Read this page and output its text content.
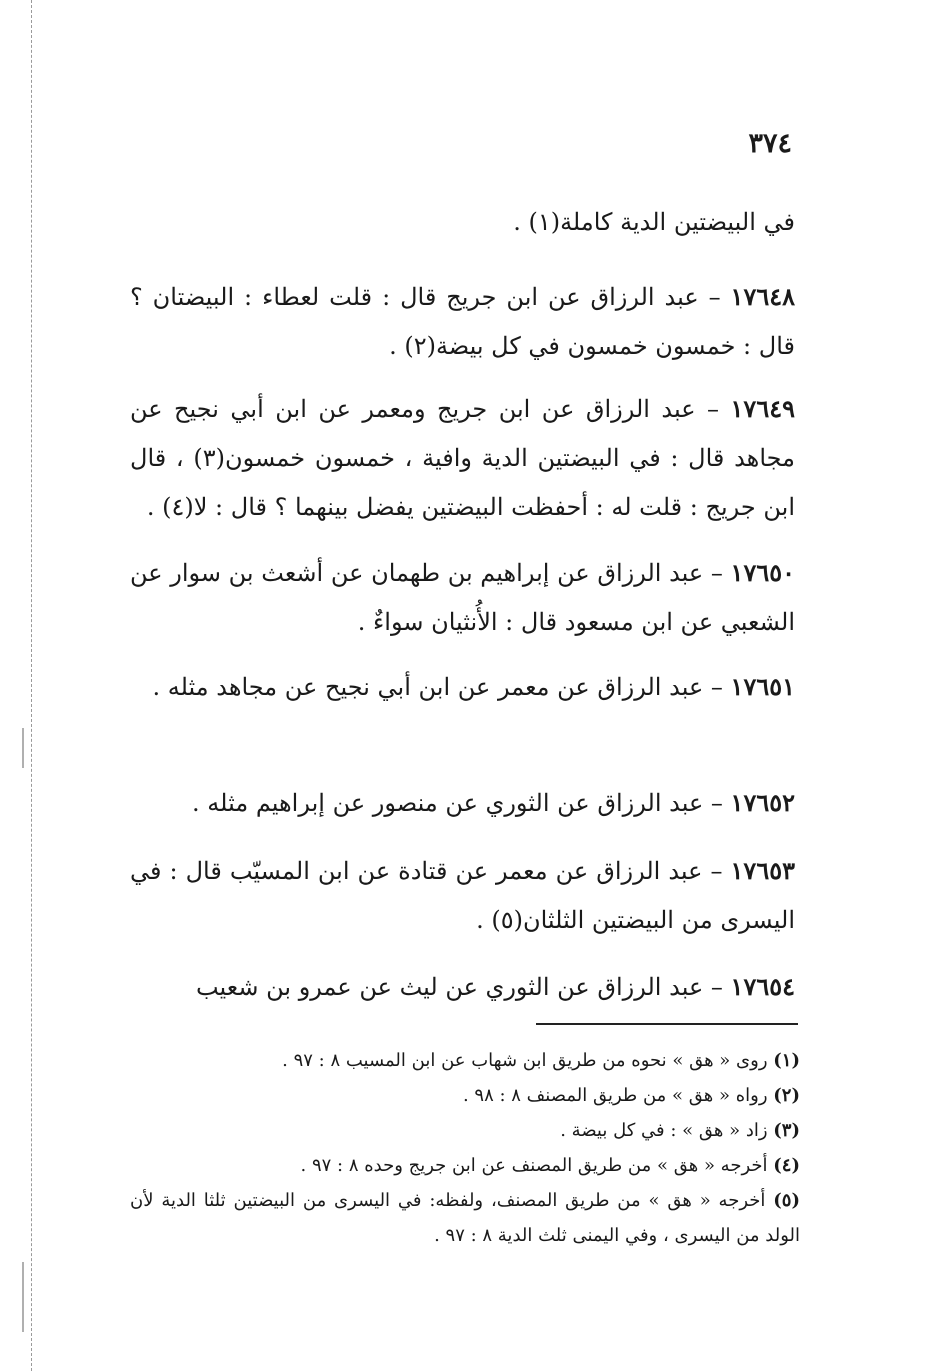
٣٧٤
في البيضتين الدية كاملة(١) .
١٧٦٤٨ – عبد الرزاق عن ابن جريج قال : قلت لعطاء : البيضتان ؟ قال : خمسون خمسون في كل بيضة(٢) .
١٧٦٤٩ – عبد الرزاق عن ابن جريج ومعمر عن ابن أبي نجيح عن مجاهد قال : في البيضتين الدية وافية ، خمسون خمسون(٣) ، قال ابن جريج : قلت له : أحفظت البيضتين يفضل بينهما ؟ قال : لا(٤) .
١٧٦٥٠ – عبد الرزاق عن إبراهيم بن طهمان عن أشعث بن سوار عن الشعبي عن ابن مسعود قال : الأُنثيان سواءٌ .
١٧٦٥١ – عبد الرزاق عن معمر عن ابن أبي نجيح عن مجاهد مثله .
١٧٦٥٢ – عبد الرزاق عن الثوري عن منصور عن إبراهيم مثله .
١٧٦٥٣ – عبد الرزاق عن معمر عن قتادة عن ابن المسيّب قال : في اليسرى من البيضتين الثلثان(٥) .
١٧٦٥٤ – عبد الرزاق عن الثوري عن ليث عن عمرو بن شعيب
(١) روى « هق » نحوه من طريق ابن شهاب عن ابن المسيب ٨ : ٩٧ .
(٢) رواه « هق » من طريق المصنف ٨ : ٩٨ .
(٣) زاد « هق » : في كل بيضة .
(٤) أخرجه « هق » من طريق المصنف عن ابن جريج وحده ٨ : ٩٧ .
(٥) أخرجه « هق » من طريق المصنف، ولفظه: في اليسرى من البيضتين ثلثا الدية لأن الولد من اليسرى ، وفي اليمنى ثلث الدية ٨ : ٩٧ .
